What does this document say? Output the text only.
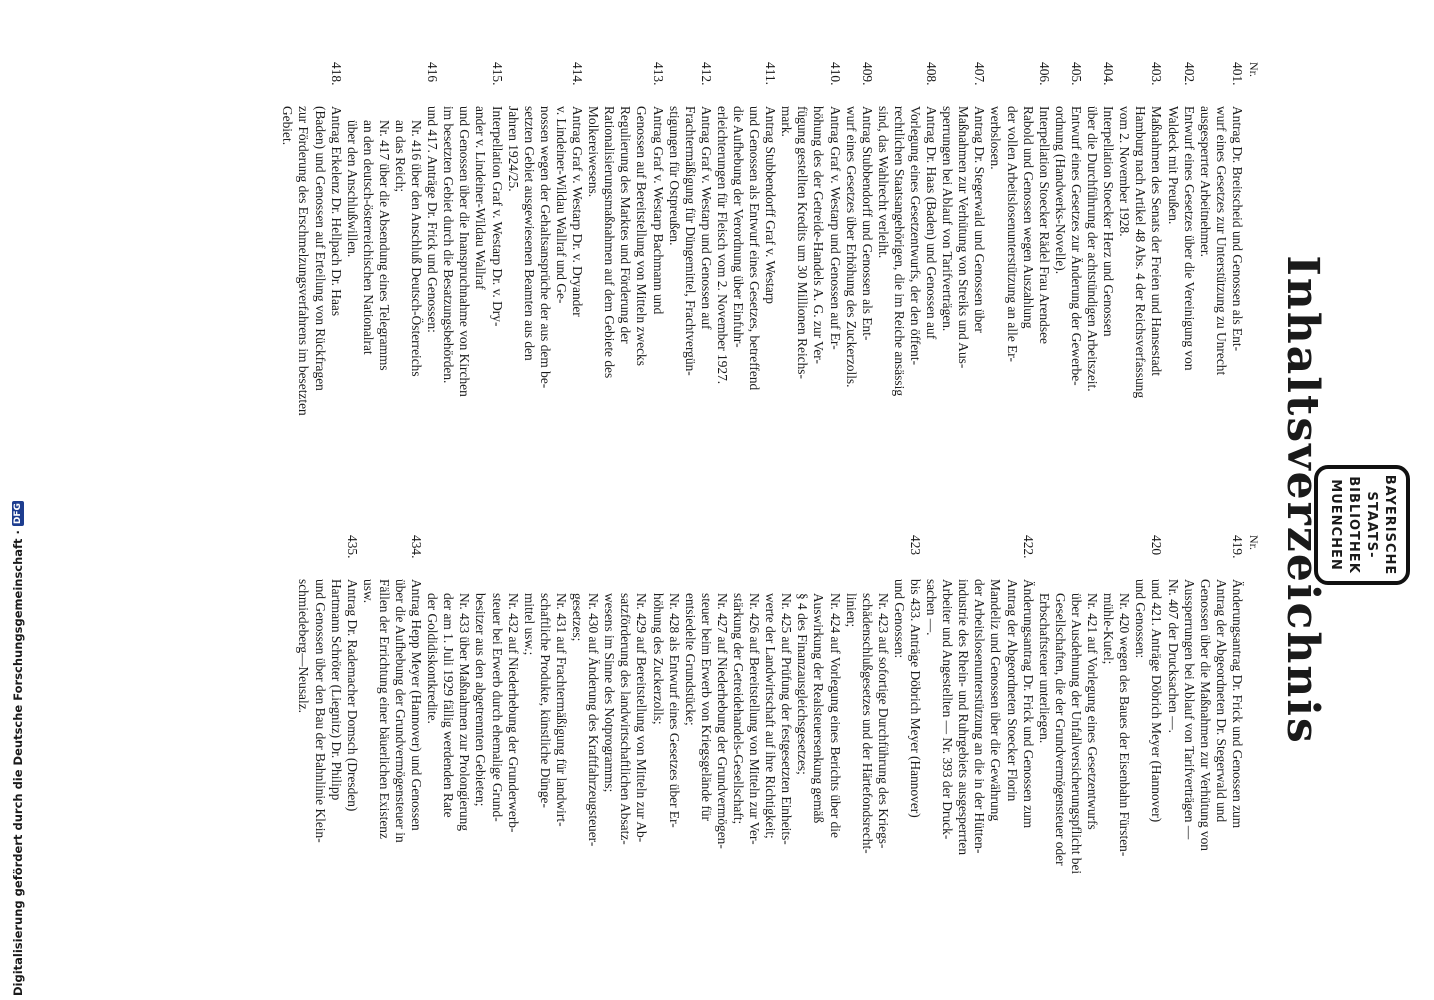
BAYERISCHE
STAATS-
BIBLIOTHEK
MUENCHEN
Inhaltsverzeichnis
Nr.
401.
Antrag Dr. Breitscheid und Genossen als Ent-
wurf eines Gesetzes zur Unterstützung zu Unrecht
ausgesperrter Arbeitnehmer.
402.
Entwurf eines Gesetzes über die Vereinigung von
Waldeck mit Preußen.
403.
Maßnahmen des Senats der Freien und Hansestadt
Hamburg nach Artikel 48 Abs. 4 der Reichsverfassung
vom 2. November 1928.
404.
Interpellation Stoecker Herz und Genossen
über die Durchführung der achtstündigen Arbeitszeit.
405.
Entwurf eines Gesetzes zur Änderung der Gewerbe-
ordnung (Handwerks-Novelle).
406.
Interpellation Stoecker Rädel Frau Arendsee
Rabold und Genossen wegen Auszahlung
der vollen Arbeitslosenunterstützung an alle Er-
werbslosen.
407.
Antrag Dr. Stegerwald und Genossen über
Maßnahmen zur Verhütung von Streiks und Aus-
sperrungen bei Ablauf von Tarifverträgen.
408.
Antrag Dr. Haas (Baden) und Genossen auf
Vorlegung eines Gesetzentwurfs, der den öffent-
rechtlichen Staatsangehörigen, die im Reiche ansässig
sind, das Wahlrecht verleiht.
409.
Antrag Stubbendorff und Genossen als Ent-
wurf eines Gesetzes über Erhöhung des Zuckerzolls.
410.
Antrag Graf v. Westarp und Genossen auf Er-
höhung des der Getreide-Handels A. G. zur Ver-
fügung gestellten Kredits um 30 Millionen Reichs-
mark.
411.
Antrag Stubbendorff Graf v. Westarp
und Genossen als Entwurf eines Gesetzes, betreffend
die Aufhebung der Verordnung über Einfuhr-
erleichterungen für Fleisch vom 2. November 1927.
412.
Antrag Graf v. Westarp und Genossen auf
Frachtermäßigung für Düngemittel, Frachtvergün-
stigungen für Ostpreußen.
413.
Antrag Graf v. Westarp Bachmann und
Genossen auf Bereitstellung von Mitteln zwecks
Regulierung des Marktes und Förderung der
Rationalisierungsmaßnahmen auf dem Gebiete des
Molkereiwesens.
414.
Antrag Graf v. Westarp Dr. v. Dryander
v. Lindeiner-Wildau Wallraf und Ge-
nossen wegen der Gehaltsansprüche der aus dem be-
setzten Gebiet ausgewiesenen Beamten aus den
Jahren 1924/25.
415.
Interpellation Graf v. Westarp Dr. v. Dry-
ander v. Lindeiner-Wildau Wallraf
und Genossen über die Inanspruchnahme von Kirchen
im besetzten Gebiet durch die Besatzungsbehörden.
416
und 417. Anträge Dr. Frick und Genossen:
Nr. 416 über den Anschluß Deutsch-Österreichs
an das Reich;
Nr. 417 über die Absendung eines Telegramms
an den deutsch-österreichischen Nationalrat
über den Anschlußwillen.
418.
Antrag Erkelenz Dr. Hellpach Dr. Haas
(Baden) und Genossen auf Erteilung von Rückfragen
zur Förderung des Erschmelzungsverfahrens im besetzten
Gebiet.
Nr.
419.
Änderungsantrag Dr. Frick und Genossen zum
Antrag der Abgeordneten Dr. Stegerwald und
Genossen über die Maßnahmen zur Verhütung von
Aussperrungen bei Ablauf von Tarifverträgen —
Nr. 407 der Drucksachen —.
420
und 421. Anträge Döbrich Meyer (Hannover)
und Genossen:
Nr. 420 wegen des Baues der Eisenbahn Fürsten-
mühle-Kutel;
Nr. 421 auf Vorlegung eines Gesetzentwurfs
über Ausdehnung der Unfallversicherungspflicht bei
Gesellschaften, die der Grundvermögensteuer oder
Erbschaftsteuer unterliegen.
422.
Änderungsantrag Dr. Frick und Genossen zum
Antrag der Abgeordneten Stoecker Florin
Mandeliz und Genossen über die Gewährung
der Arbeitslosenunterstützung an die in der Hütten-
industrie des Rhein- und Ruhrgebiets ausgesperrten
Arbeiter und Angestellten — Nr. 393 der Druck-
sachen —.
423
bis 433. Anträge Döbrich Meyer (Hannover)
und Genossen:
Nr. 423 auf sofortige Durchführung des Kriegs-
schädenschlußgesetzes und der Härtefondsrecht-
linien;
Nr. 424 auf Vorlegung eines Berichts über die
Auswirkung der Realsteuersenkung gemäß
§ 4 des Finanzausgleichsgesetzes;
Nr. 425 auf Prüfung der festgesetzten Einheits-
werte der Landwirtschaft auf ihre Richtigkeit;
Nr. 426 auf Bereitstellung von Mitteln zur Ver-
stärkung der Getreidehandels-Gesellschaft;
Nr. 427 auf Niederhebung der Grundvermögen-
steuer beim Erwerb von Kriegsgelände für
entsiedelte Grundstücke;
Nr. 428 als Entwurf eines Gesetzes über Er-
höhung des Zuckerzolls;
Nr. 429 auf Bereitstellung von Mitteln zur Ab-
satzförderung des landwirtschaftlichen Absatz-
wesens im Sinne des Notprogramms;
Nr. 430 auf Änderung des Kraftfahrzeugsteuer-
gesetzes;
Nr. 431 auf Frachtermäßigung für landwirt-
schaftliche Produkte, künstliche Dünge-
mittel usw.;
Nr. 432 auf Niederhebung der Grunderwerb-
steuer bei Erwerb durch ehemalige Grund-
besitzer aus den abgetrennten Gebieten;
Nr. 433 über Maßnahmen zur Prolongierung
der am 1. Juli 1929 fällig werdenden Rate
der Goldidiskontkredite.
434.
Antrag Hepp Meyer (Hannover) und Genossen
über die Aufhebung der Grundvermögensteuer in
Fällen der Errichtung einer bäuerlichen Existenz
usw.
435.
Antrag Dr. Rademacher Domsch (Dresden)
Hartmann Schröter (Liegnitz) Dr. Philipp
und Genossen über den Bau der Bahnlinie Klein-
schmiedeberg—Neusalz.
Digitalisierung gefördert durch die Deutsche Forschungsgemeinschaft
·
DFG
